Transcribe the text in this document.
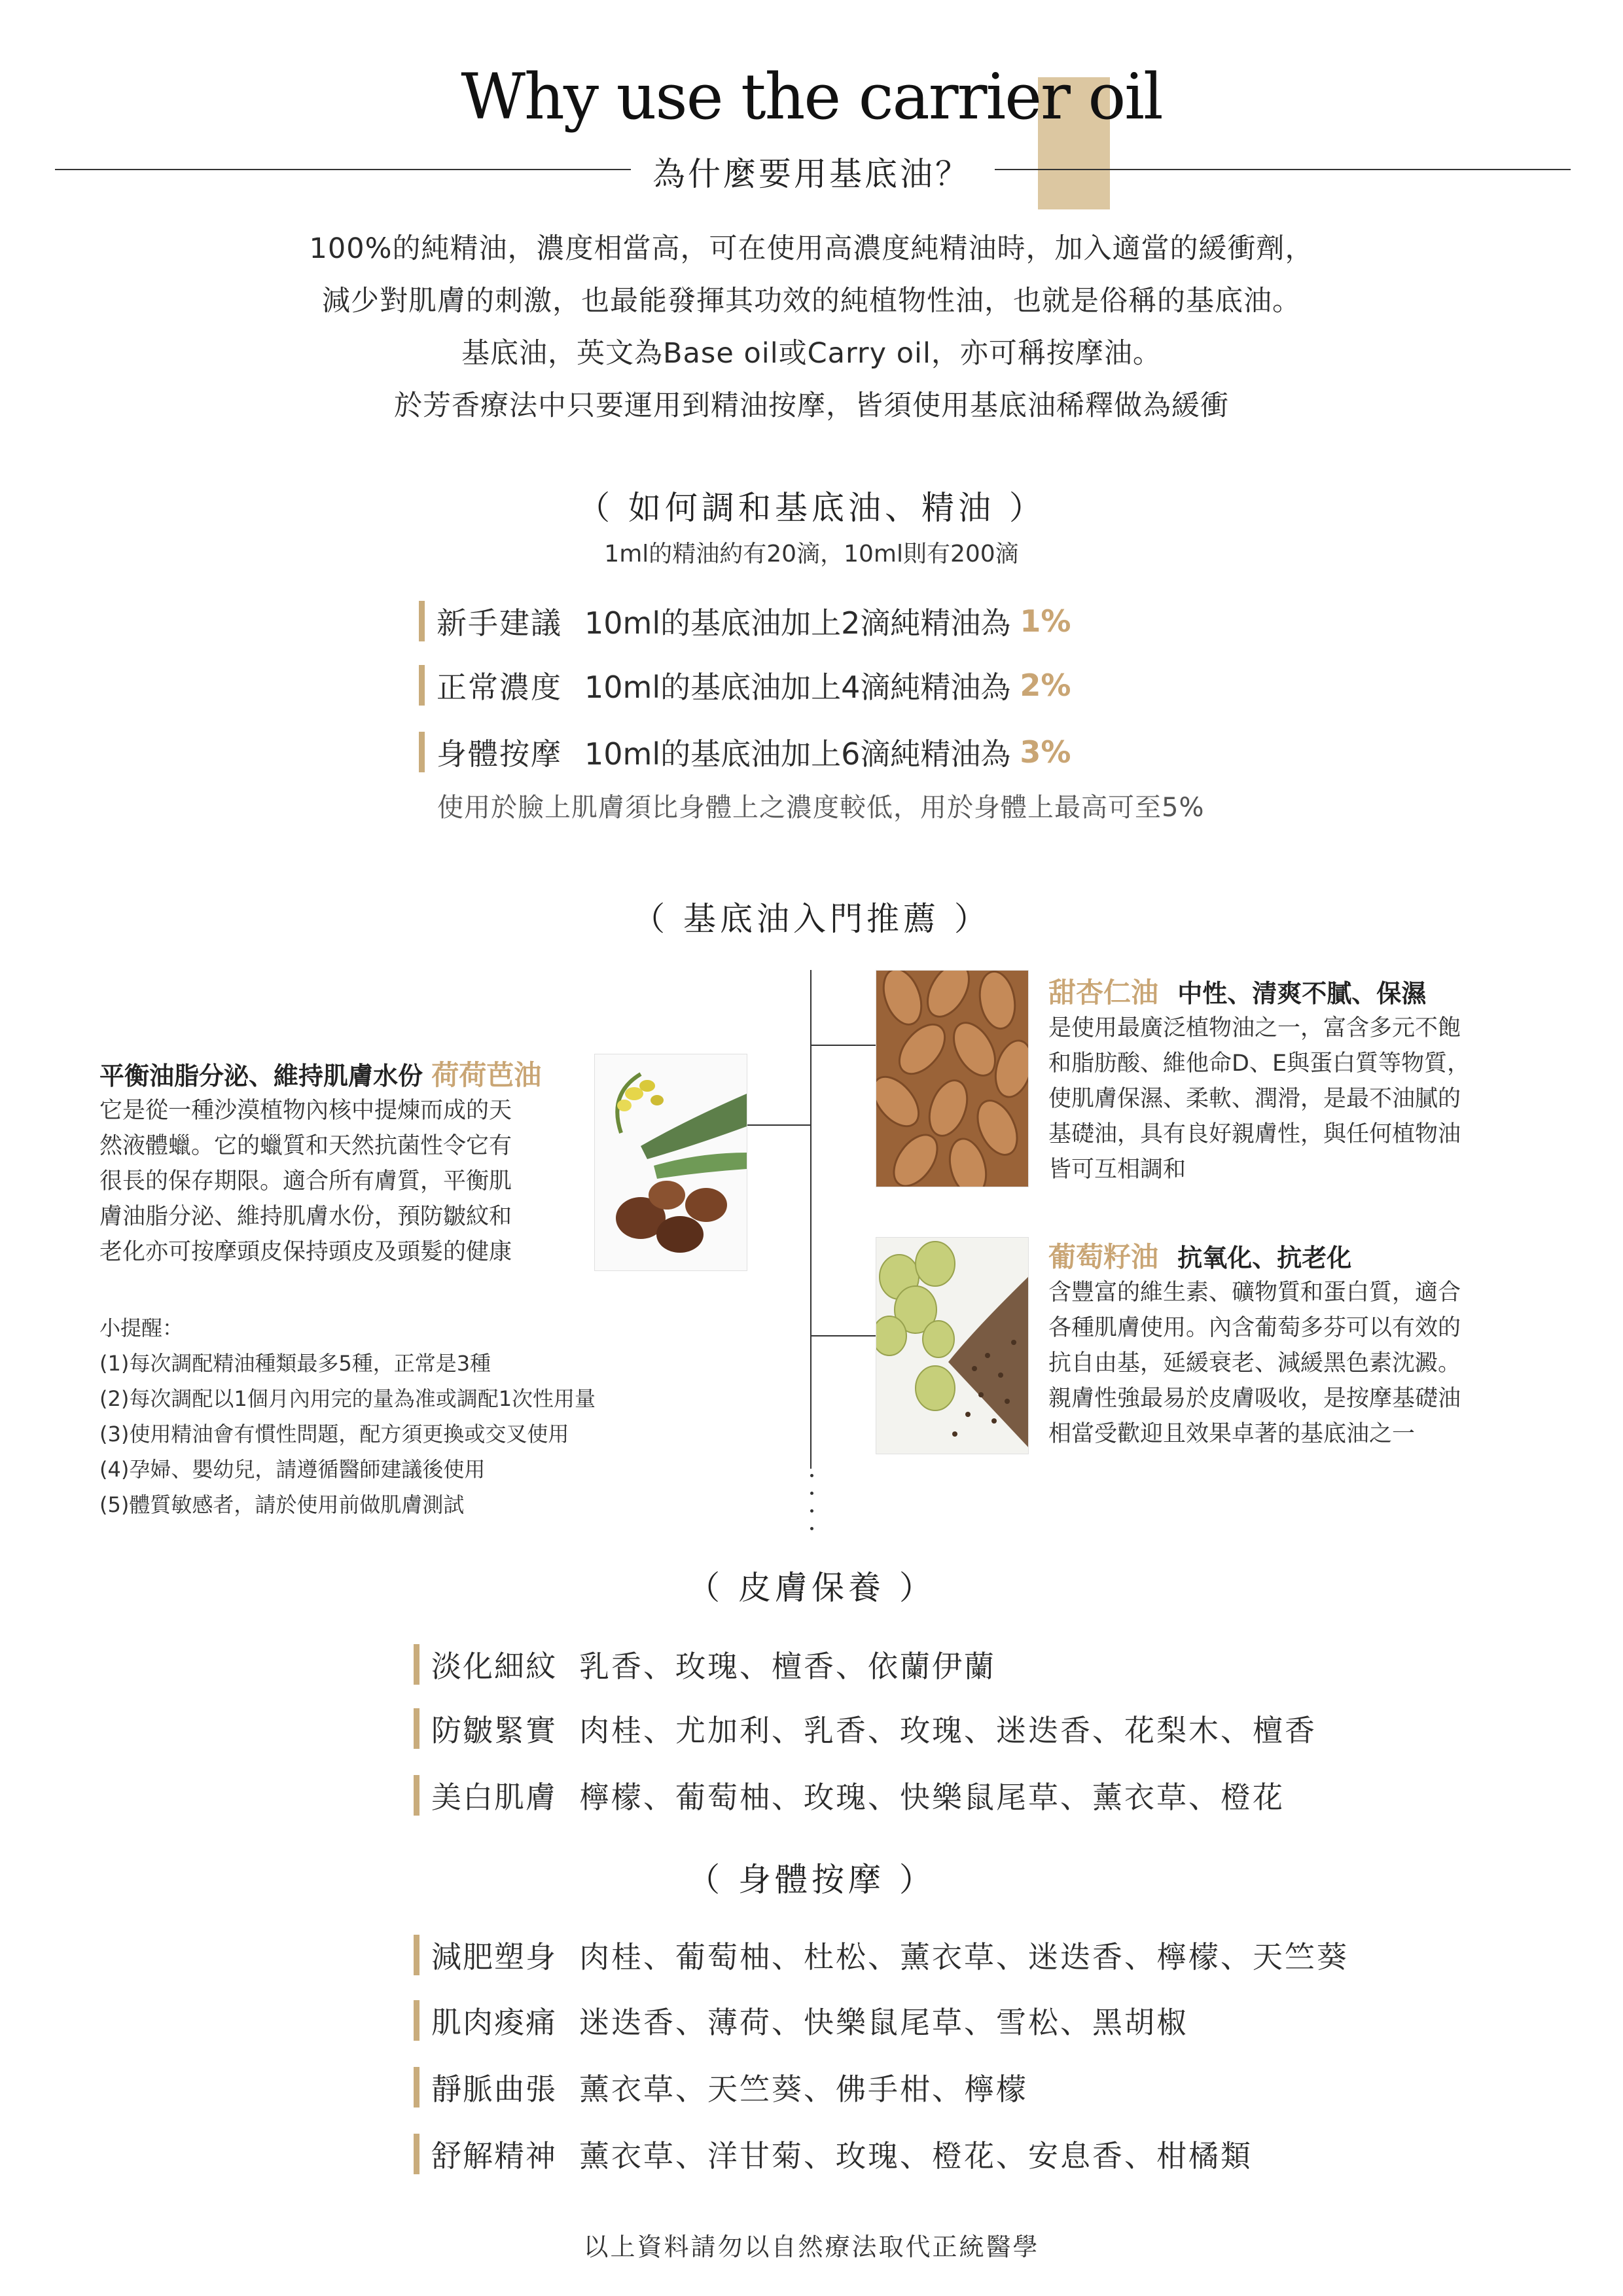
Why use the carrier oil
為什麼要用基底油？
100%的純精油，濃度相當高，可在使用高濃度純精油時，加入適當的緩衝劑，
減少對肌膚的刺激，也最能發揮其功效的純植物性油，也就是俗稱的基底油。
基底油，英文為Base oil或Carry oil，亦可稱按摩油。
於芳香療法中只要運用到精油按摩，皆須使用基底油稀釋做為緩衝
（ 如何調和基底油、精油 ）
1ml的精油約有20滴，10ml則有200滴
新手建議 10ml的基底油加上2滴純精油為 1%
正常濃度 10ml的基底油加上4滴純精油為 2%
身體按摩 10ml的基底油加上6滴純精油為 3%
使用於臉上肌膚須比身體上之濃度較低，用於身體上最高可至5%
（ 基底油入門推薦 ）
平衡油脂分泌、維持肌膚水份 荷荷芭油
它是從一種沙漠植物內核中提煉而成的天
然液體蠟。它的蠟質和天然抗菌性令它有
很長的保存期限。適合所有膚質，平衡肌
膚油脂分泌、維持肌膚水份，預防皺紋和
老化亦可按摩頭皮保持頭皮及頭髮的健康
甜杏仁油 中性、清爽不膩、保濕
是使用最廣泛植物油之一，富含多元不飽
和脂肪酸、維他命D、E與蛋白質等物質，
使肌膚保濕、柔軟、潤滑，是最不油膩的
基礎油，具有良好親膚性，與任何植物油
皆可互相調和
葡萄籽油 抗氧化、抗老化
含豐富的維生素、礦物質和蛋白質，適合
各種肌膚使用。內含葡萄多芬可以有效的
抗自由基，延緩衰老、減緩黑色素沈澱。
親膚性強最易於皮膚吸收，是按摩基礎油
相當受歡迎且效果卓著的基底油之一
小提醒：
(1)每次調配精油種類最多5種，正常是3種
(2)每次調配以1個月內用完的量為准或調配1次性用量
(3)使用精油會有慣性問題，配方須更換或交叉使用
(4)孕婦、嬰幼兒，請遵循醫師建議後使用
(5)體質敏感者，請於使用前做肌膚測試
（ 皮膚保養 ）
淡化細紋 乳香、玫瑰、檀香、依蘭伊蘭
防皺緊實 肉桂、尤加利、乳香、玫瑰、迷迭香、花梨木、檀香
美白肌膚 檸檬、葡萄柚、玫瑰、快樂鼠尾草、薰衣草、橙花
（ 身體按摩 ）
減肥塑身 肉桂、葡萄柚、杜松、薰衣草、迷迭香、檸檬、天竺葵
肌肉痠痛 迷迭香、薄荷、快樂鼠尾草、雪松、黑胡椒
靜脈曲張 薰衣草、天竺葵、佛手柑、檸檬
舒解精神 薰衣草、洋甘菊、玫瑰、橙花、安息香、柑橘類
以上資料請勿以自然療法取代正統醫學
